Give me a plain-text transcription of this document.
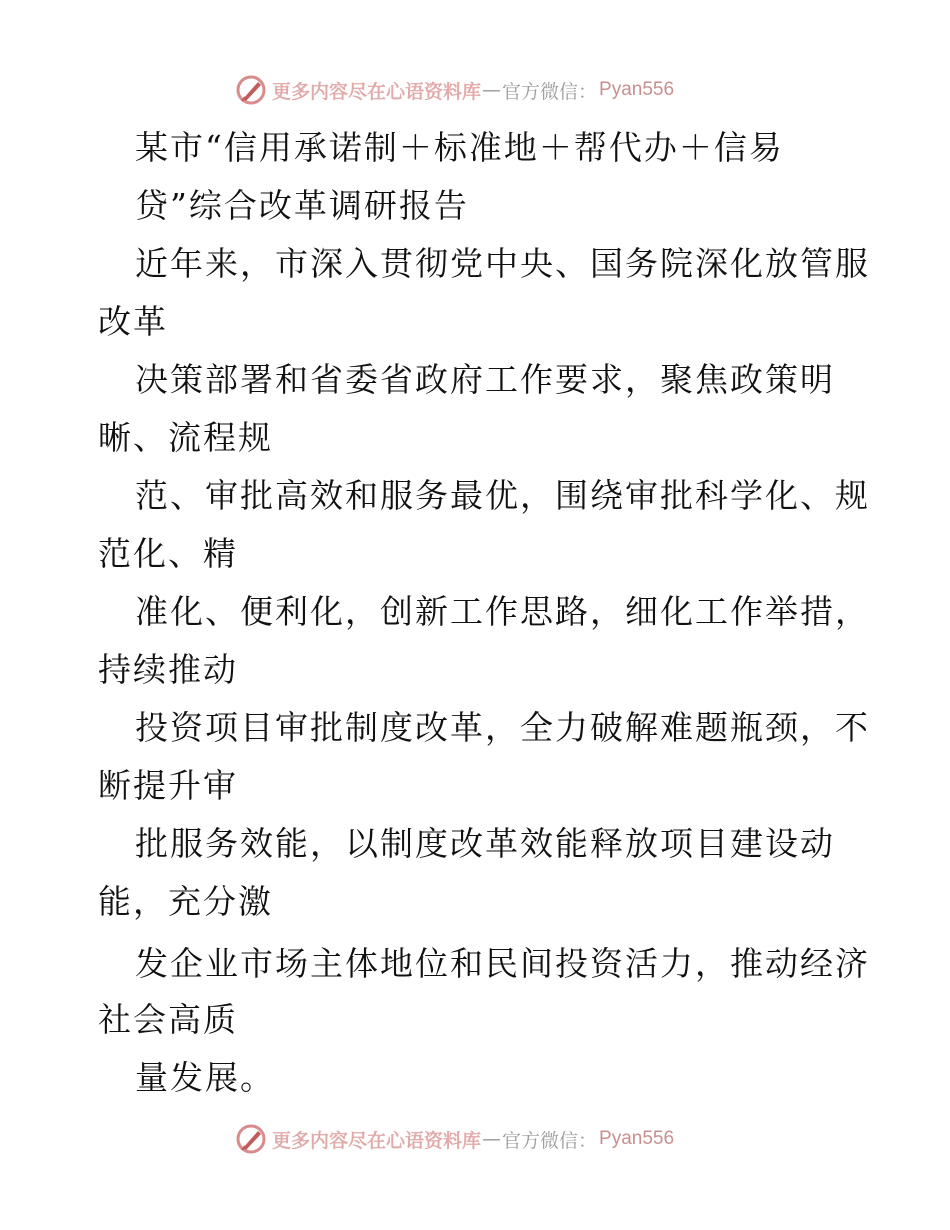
更多内容尽在心语资料库 — 官方微信： Pyan556
某市“信用承诺制＋标准地＋帮代办＋信易
贷”综合改革调研报告
近年来，市深入贯彻党中央、国务院深化放管服
改革
决策部署和省委省政府工作要求，聚焦政策明
晰、流程规
范、审批高效和服务最优，围绕审批科学化、规
范化、精
准化、便利化，创新工作思路，细化工作举措，
持续推动
投资项目审批制度改革，全力破解难题瓶颈，不
断提升审
批服务效能，以制度改革效能释放项目建设动
能，充分激
发企业市场主体地位和民间投资活力，推动经济
社会高质
量发展。
更多内容尽在心语资料库 — 官方微信： Pyan556
